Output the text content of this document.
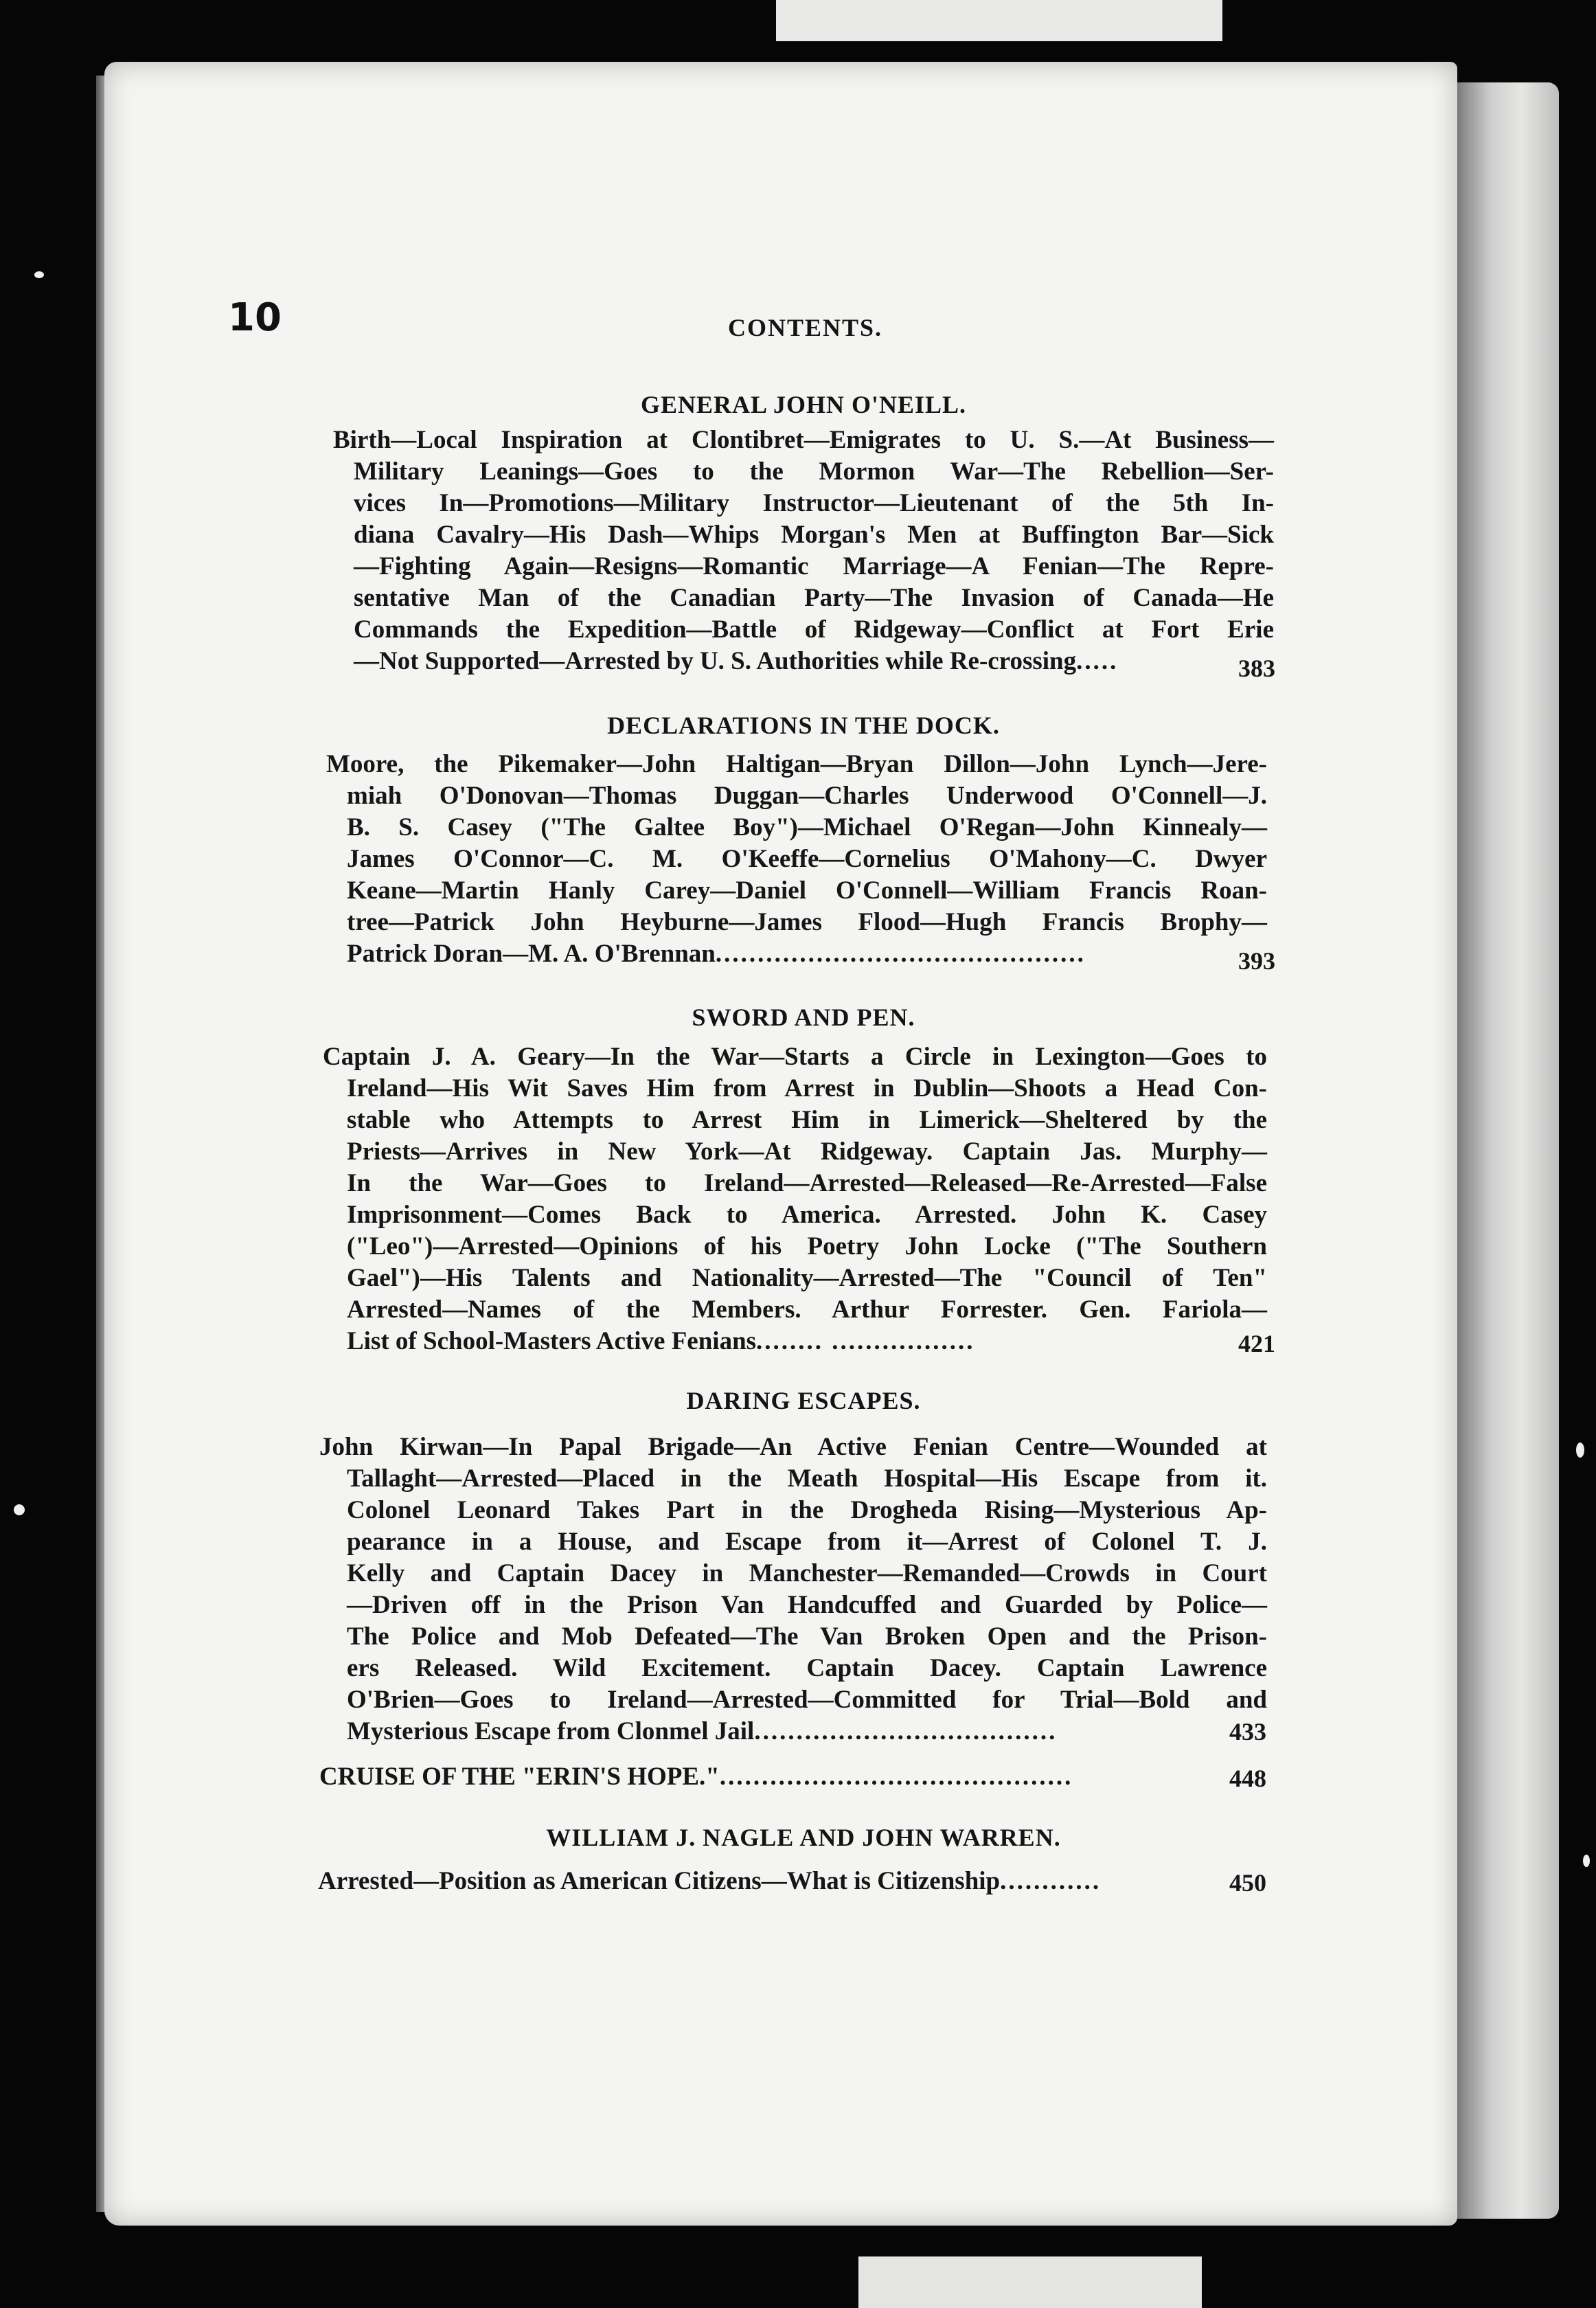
10	CONTENTS.
GENERAL JOHN O'NEILL.
Birth—Local Inspiration at Clontibret—Emigrates to U. S.—At Business—
Military Leanings—Goes to the Mormon War—The Rebellion—Ser-
vices In—Promotions—Military Instructor—Lieutenant of the 5th In-
diana Cavalry—His Dash—Whips Morgan's Men at Buffington Bar—Sick
—Fighting Again—Resigns—Romantic Marriage—A Fenian—The Repre-
sentative Man of the Canadian Party—The Invasion of Canada—He
Commands the Expedition—Battle of Ridgeway—Conflict at Fort Erie
—Not Supported—Arrested by U. S. Authorities while Re-crossing .....	383
DECLARATIONS IN THE DOCK.
Moore, the Pikemaker—John Haltigan—Bryan Dillon—John Lynch—Jere-
miah O'Donovan—Thomas Duggan—Charles Underwood O'Connell—J.
B. S. Casey ("The Galtee Boy")—Michael O'Regan—John Kinnealy—
James O'Connor—C. M. O'Keeffe—Cornelius O'Mahony—C. Dwyer
Keane—Martin Hanly Carey—Daniel O'Connell—William Francis Roan-
tree—Patrick John Heyburne—James Flood—Hugh Francis Brophy—
Patrick Doran—M. A. O'Brennan ............................................	393
SWORD AND PEN.
Captain J. A. Geary—In the War—Starts a Circle in Lexington—Goes to
Ireland—His Wit Saves Him from Arrest in Dublin—Shoots a Head Con-
stable who Attempts to Arrest Him in Limerick—Sheltered by the
Priests—Arrives in New York—At Ridgeway. Captain Jas. Murphy—
In the War—Goes to Ireland—Arrested—Released—Re-Arrested—False
Imprisonment—Comes Back to America. Arrested. John K. Casey
("Leo")—Arrested—Opinions of his Poetry John Locke ("The Southern
Gael")—His Talents and Nationality—Arrested—The "Council of Ten"
Arrested—Names of the Members. Arthur Forrester. Gen. Fariola—
List of School-Masters Active Fenians ........ .................	421
DARING ESCAPES.
John Kirwan—In Papal Brigade—An Active Fenian Centre—Wounded at
Tallaght—Arrested—Placed in the Meath Hospital—His Escape from it.
Colonel Leonard Takes Part in the Drogheda Rising—Mysterious Ap-
pearance in a House, and Escape from it—Arrest of Colonel T. J.
Kelly and Captain Dacey in Manchester—Remanded—Crowds in Court
—Driven off in the Prison Van Handcuffed and Guarded by Police—
The Police and Mob Defeated—The Van Broken Open and the Prison-
ers Released. Wild Excitement. Captain Dacey. Captain Lawrence
O'Brien—Goes to Ireland—Arrested—Committed for Trial—Bold and
Mysterious Escape from Clonmel Jail ....................................	433
CRUISE OF THE "ERIN'S HOPE." ..........................................	448
WILLIAM J. NAGLE AND JOHN WARREN.
Arrested—Position as American Citizens—What is Citizenship ............	450
